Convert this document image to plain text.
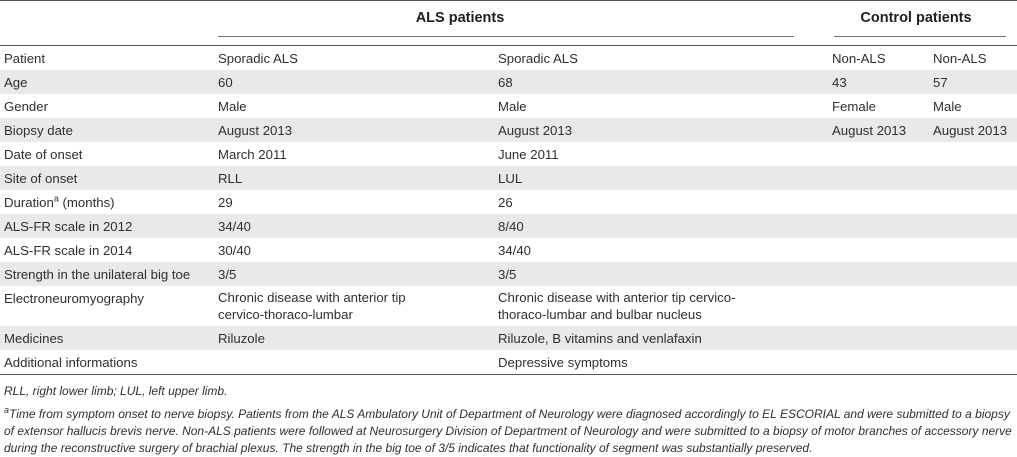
ALS patients	Control patients
Patient	Sporadic ALS	Sporadic ALS	Non-ALS	Non-ALS
Age	60	68	43	57
Gender	Male	Male	Female	Male
Biopsy date	August 2013	August 2013	August 2013	August 2013
Date of onset	March 2011	June 2011		
Site of onset	RLL	LUL		
Duration$^a$ (months)	29	26		
ALS-FR scale in 2012	34/40	8/40		
ALS-FR scale in 2014	30/40	34/40		
Strength in the unilateral big toe	3/5	3/5		
Electroneuromyography	Chronic disease with anterior tip cervico-thoraco-lumbar	Chronic disease with anterior tip cervico-thoraco-lumbar and bulbar nucleus		
Medicines	Riluzole	Riluzole, B vitamins and venlafaxin		
Additional informations		Depressive symptoms		

RLL, right lower limb; LUL, left upper limb.

$^a$Time from symptom onset to nerve biopsy. Patients from the ALS Ambulatory Unit of Department of Neurology were diagnosed accordingly to EL ESCORIAL and were submitted to a biopsy of extensor hallucis brevis nerve. Non-ALS patients were followed at Neurosurgery Division of Department of Neurology and were submitted to a biopsy of motor branches of accessory nerve during the reconstructive surgery of brachial plexus. The strength in the big toe of 3/5 indicates that functionality of segment was substantially preserved.
